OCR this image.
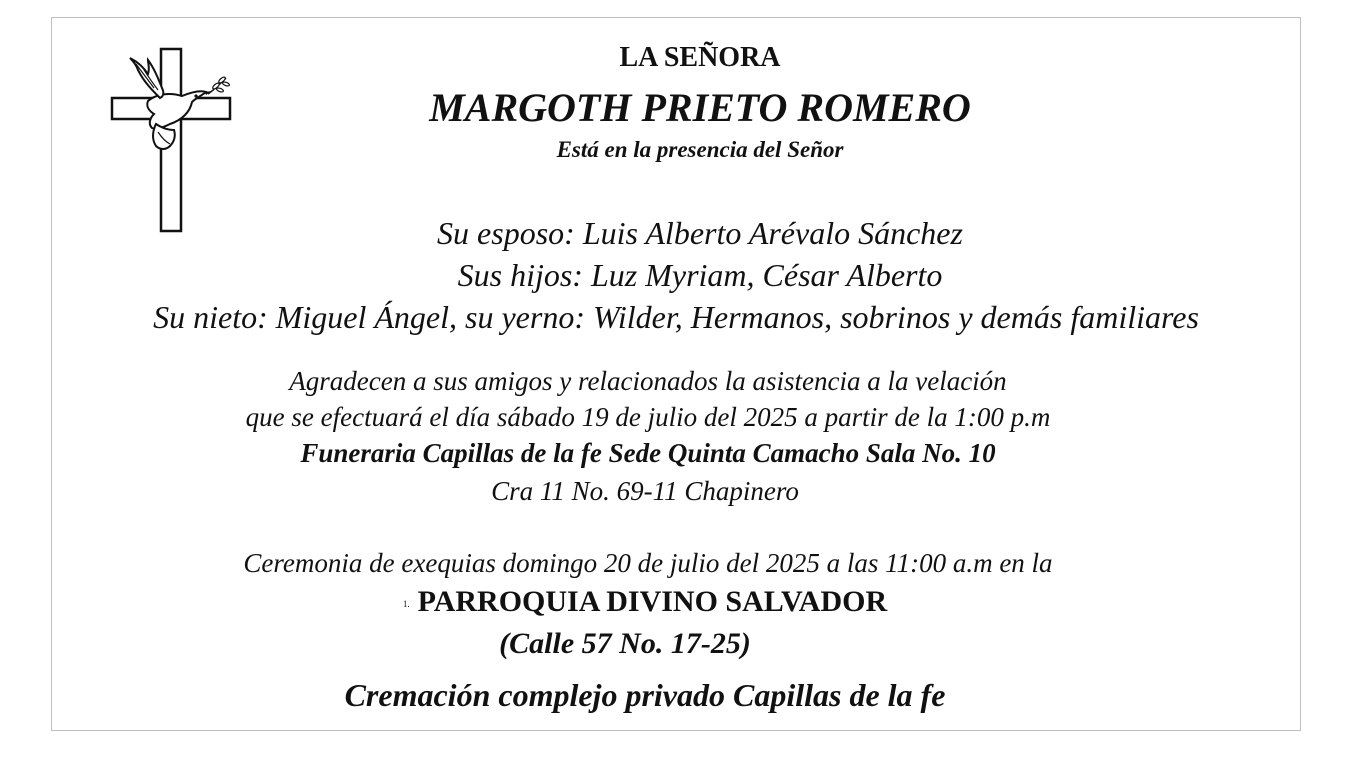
LA SEÑORA
MARGOTH PRIETO ROMERO
Está en la presencia del Señor
Su esposo: Luis Alberto Arévalo Sánchez
Sus hijos: Luz Myriam, César Alberto
Su nieto: Miguel Ángel, su yerno: Wilder, Hermanos, sobrinos y demás familiares
Agradecen a sus amigos y relacionados la asistencia a la velación
que se efectuará el día sábado 19 de julio del 2025 a partir de la 1:00 p.m
Funeraria Capillas de la fe Sede Quinta Camacho Sala No. 10
Cra 11 No. 69-11 Chapinero
Ceremonia de exequias domingo 20 de julio del 2025 a las 11:00 a.m en la
1. PARROQUIA DIVINO SALVADOR
(Calle 57 No. 17-25)
Cremación complejo privado Capillas de la fe
